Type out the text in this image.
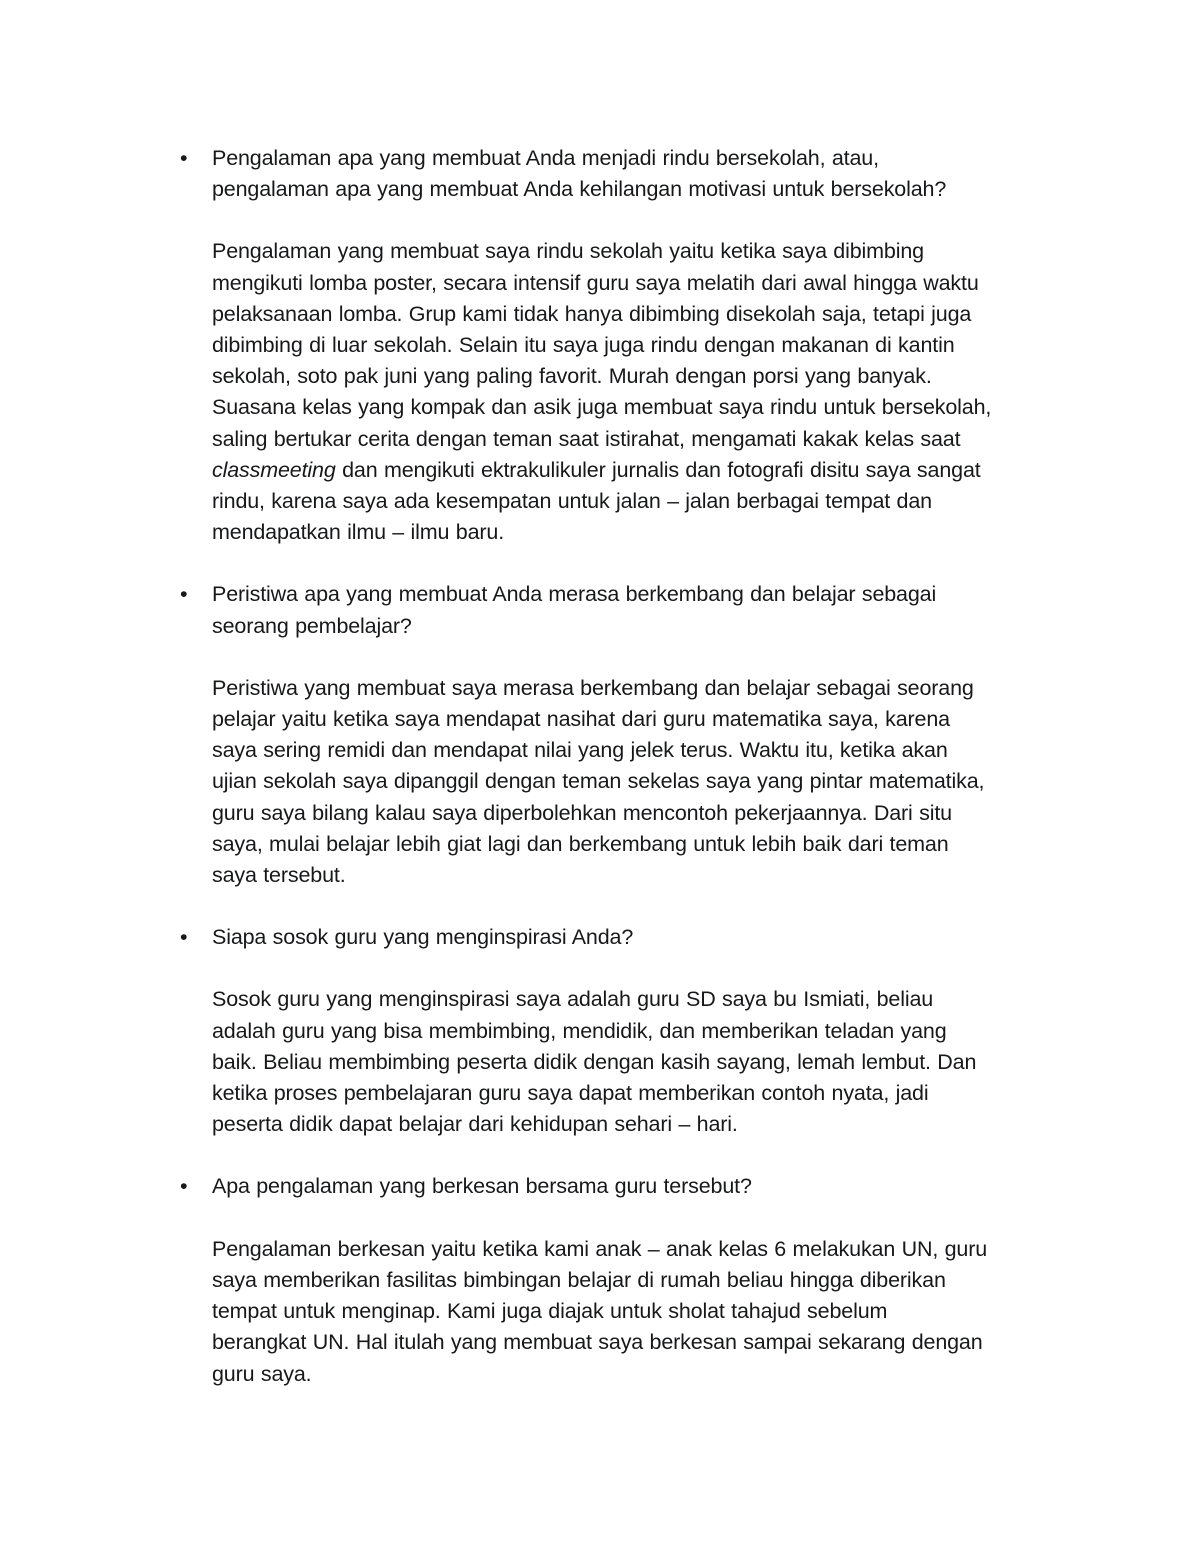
• Pengalaman apa yang membuat Anda menjadi rindu bersekolah, atau,
pengalaman apa yang membuat Anda kehilangan motivasi untuk bersekolah?
Pengalaman yang membuat saya rindu sekolah yaitu ketika saya dibimbing
mengikuti lomba poster, secara intensif guru saya melatih dari awal hingga waktu
pelaksanaan lomba. Grup kami tidak hanya dibimbing disekolah saja, tetapi juga
dibimbing di luar sekolah. Selain itu saya juga rindu dengan makanan di kantin
sekolah, soto pak juni yang paling favorit. Murah dengan porsi yang banyak.
Suasana kelas yang kompak dan asik juga membuat saya rindu untuk bersekolah,
saling bertukar cerita dengan teman saat istirahat, mengamati kakak kelas saat
classmeeting dan mengikuti ektrakulikuler jurnalis dan fotografi disitu saya sangat
rindu, karena saya ada kesempatan untuk jalan – jalan berbagai tempat dan
mendapatkan ilmu – ilmu baru.
• Peristiwa apa yang membuat Anda merasa berkembang dan belajar sebagai
seorang pembelajar?
Peristiwa yang membuat saya merasa berkembang dan belajar sebagai seorang
pelajar yaitu ketika saya mendapat nasihat dari guru matematika saya, karena
saya sering remidi dan mendapat nilai yang jelek terus. Waktu itu, ketika akan
ujian sekolah saya dipanggil dengan teman sekelas saya yang pintar matematika,
guru saya bilang kalau saya diperbolehkan mencontoh pekerjaannya. Dari situ
saya, mulai belajar lebih giat lagi dan berkembang untuk lebih baik dari teman
saya tersebut.
• Siapa sosok guru yang menginspirasi Anda?
Sosok guru yang menginspirasi saya adalah guru SD saya bu Ismiati, beliau
adalah guru yang bisa membimbing, mendidik, dan memberikan teladan yang
baik. Beliau membimbing peserta didik dengan kasih sayang, lemah lembut. Dan
ketika proses pembelajaran guru saya dapat memberikan contoh nyata, jadi
peserta didik dapat belajar dari kehidupan sehari – hari.
• Apa pengalaman yang berkesan bersama guru tersebut?
Pengalaman berkesan yaitu ketika kami anak – anak kelas 6 melakukan UN, guru
saya memberikan fasilitas bimbingan belajar di rumah beliau hingga diberikan
tempat untuk menginap. Kami juga diajak untuk sholat tahajud sebelum
berangkat UN. Hal itulah yang membuat saya berkesan sampai sekarang dengan
guru saya.
